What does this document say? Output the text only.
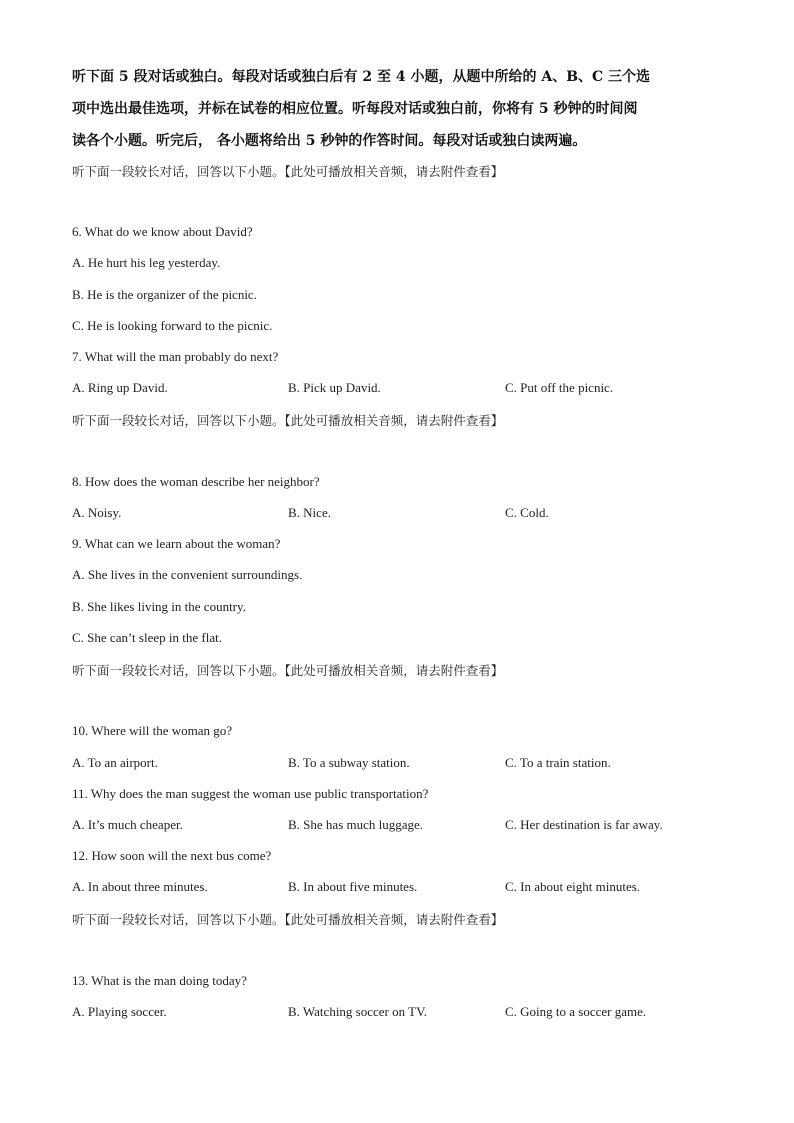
听下面 5 段对话或独白。每段对话或独白后有 2 至 4 小题，从题中所给的 A、B、C 三个选
项中选出最佳选项，并标在试卷的相应位置。听每段对话或独白前，你将有 5 秒钟的时间阅
读各个小题。听完后， 各小题将给出 5 秒钟的作答时间。每段对话或独白读两遍。
听下面一段较长对话，回答以下小题。【此处可播放相关音频，请去附件查看】
6. What do we know about David?
A. He hurt his leg yesterday.
B. He is the organizer of the picnic.
C. He is looking forward to the picnic.
7. What will the man probably do next?
A. Ring up David.	B. Pick up David.	C. Put off the picnic.
听下面一段较长对话，回答以下小题。【此处可播放相关音频，请去附件查看】
8. How does the woman describe her neighbor?
A. Noisy.	B. Nice.	C. Cold.
9. What can we learn about the woman?
A. She lives in the convenient surroundings.
B. She likes living in the country.
C. She can’t sleep in the flat.
听下面一段较长对话，回答以下小题。【此处可播放相关音频，请去附件查看】
10. Where will the woman go?
A. To an airport.	B. To a subway station.	C. To a train station.
11. Why does the man suggest the woman use public transportation?
A. It’s much cheaper.	B. She has much luggage.	C. Her destination is far away.
12. How soon will the next bus come?
A. In about three minutes.	B. In about five minutes.	C. In about eight minutes.
听下面一段较长对话，回答以下小题。【此处可播放相关音频，请去附件查看】
13. What is the man doing today?
A. Playing soccer.	B. Watching soccer on TV.	C. Going to a soccer game.
